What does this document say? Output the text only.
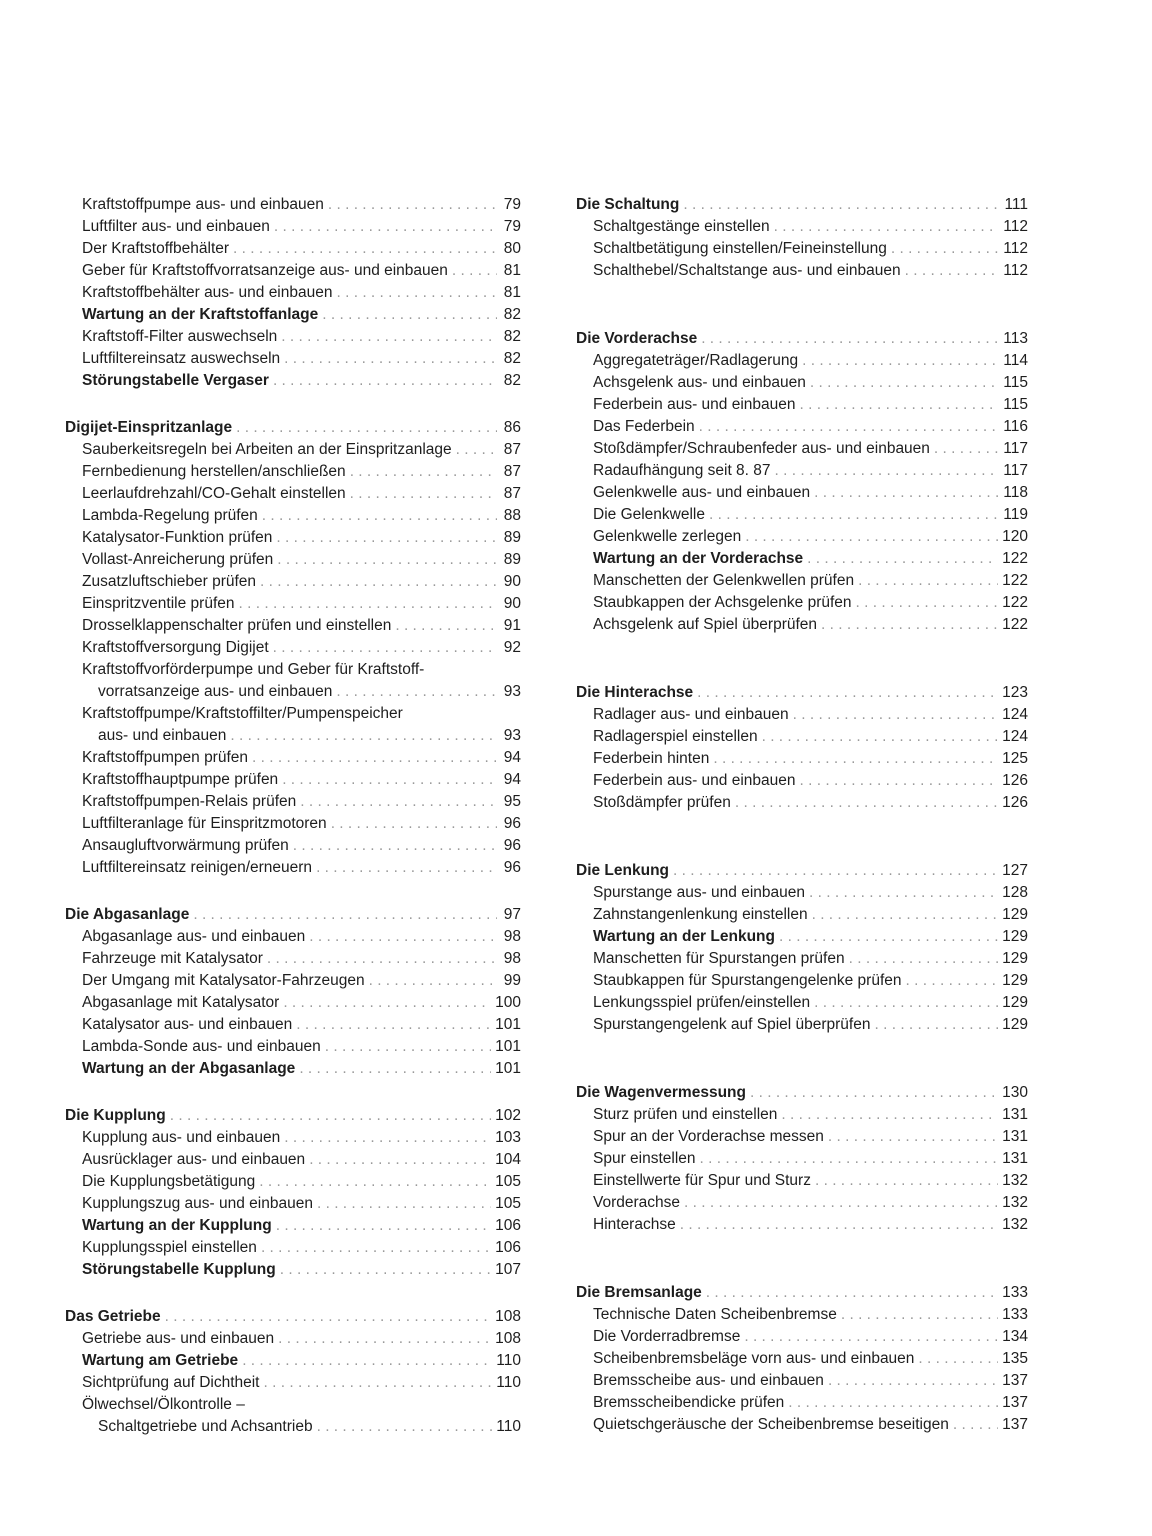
Kraftstoffpumpe aus- und einbauen . . .	79
Luftfilter aus- und einbauen . . .	79
Der Kraftstoffbehälter . . .	80
Geber für Kraftstoffvorratsanzeige aus- und einbauen . . .	81
Kraftstoffbehälter aus- und einbauen . . .	81
Wartung an der Kraftstoffanlage . . .	82
Kraftstoff-Filter auswechseln . . .	82
Luftfiltereinsatz auswechseln . . .	82
Störungstabelle Vergaser . . .	82
Digijet-Einspritzanlage . . .	86
Sauberkeitsregeln bei Arbeiten an der Einspritzanlage . . .	87
Fernbedienung herstellen/anschließen . . .	87
Leerlaufdrehzahl/CO-Gehalt einstellen . . .	87
Lambda-Regelung prüfen . . .	88
Katalysator-Funktion prüfen . . .	89
Vollast-Anreicherung prüfen . . .	89
Zusatzluftschieber prüfen . . .	90
Einspritzventile prüfen . . .	90
Drosselklappenschalter prüfen und einstellen . . .	91
Kraftstoffversorgung Digijet . . .	92
Kraftstoffvorförderpumpe und Geber für Kraftstoff-
vorratsanzeige aus- und einbauen . . .	93
Kraftstoffpumpe/Kraftstoffilter/Pumpenspeicher
aus- und einbauen . . .	93
Kraftstoffpumpen prüfen . . .	94
Kraftstoffhauptpumpe prüfen . . .	94
Kraftstoffpumpen-Relais prüfen . . .	95
Luftfilteranlage für Einspritzmotoren . . .	96
Ansaugluftvorwärmung prüfen . . .	96
Luftfiltereinsatz reinigen/erneuern . . .	96
Die Abgasanlage . . .	97
Abgasanlage aus- und einbauen . . .	98
Fahrzeuge mit Katalysator . . .	98
Der Umgang mit Katalysator-Fahrzeugen . . .	99
Abgasanlage mit Katalysator . . .	100
Katalysator aus- und einbauen . . .	101
Lambda-Sonde aus- und einbauen . . .	101
Wartung an der Abgasanlage . . .	101
Die Kupplung . . .	102
Kupplung aus- und einbauen . . .	103
Ausrücklager aus- und einbauen . . .	104
Die Kupplungsbetätigung . . .	105
Kupplungszug aus- und einbauen . . .	105
Wartung an der Kupplung . . .	106
Kupplungsspiel einstellen . . .	106
Störungstabelle Kupplung . . .	107
Das Getriebe . . .	108
Getriebe aus- und einbauen . . .	108
Wartung am Getriebe . . .	110
Sichtprüfung auf Dichtheit . . .	110
Ölwechsel/Ölkontrolle –
Schaltgetriebe und Achsantrieb . . .	110
Die Schaltung . . .	111
Schaltgestänge einstellen . . .	112
Schaltbetätigung einstellen/Feineinstellung . . .	112
Schalthebel/Schaltstange aus- und einbauen . . .	112
Die Vorderachse . . .	113
Aggregateträger/Radlagerung . . .	114
Achsgelenk aus- und einbauen . . .	115
Federbein aus- und einbauen . . .	115
Das Federbein . . .	116
Stoßdämpfer/Schraubenfeder aus- und einbauen . . .	117
Radaufhängung seit 8. 87 . . .	117
Gelenkwelle aus- und einbauen . . .	118
Die Gelenkwelle . . .	119
Gelenkwelle zerlegen . . .	120
Wartung an der Vorderachse . . .	122
Manschetten der Gelenkwellen prüfen . . .	122
Staubkappen der Achsgelenke prüfen . . .	122
Achsgelenk auf Spiel überprüfen . . .	122
Die Hinterachse . . .	123
Radlager aus- und einbauen . . .	124
Radlagerspiel einstellen . . .	124
Federbein hinten . . .	125
Federbein aus- und einbauen . . .	126
Stoßdämpfer prüfen . . .	126
Die Lenkung . . .	127
Spurstange aus- und einbauen . . .	128
Zahnstangenlenkung einstellen . . .	129
Wartung an der Lenkung . . .	129
Manschetten für Spurstangen prüfen . . .	129
Staubkappen für Spurstangengelenke prüfen . . .	129
Lenkungsspiel prüfen/einstellen . . .	129
Spurstangengelenk auf Spiel überprüfen . . .	129
Die Wagenvermessung . . .	130
Sturz prüfen und einstellen . . .	131
Spur an der Vorderachse messen . . .	131
Spur einstellen . . .	131
Einstellwerte für Spur und Sturz . . .	132
Vorderachse . . .	132
Hinterachse . . .	132
Die Bremsanlage . . .	133
Technische Daten Scheibenbremse . . .	133
Die Vorderradbremse . . .	134
Scheibenbremsbeläge vorn aus- und einbauen . . .	135
Bremsscheibe aus- und einbauen . . .	137
Bremsscheibendicke prüfen . . .	137
Quietschgeräusche der Scheibenbremse beseitigen . . .	137
